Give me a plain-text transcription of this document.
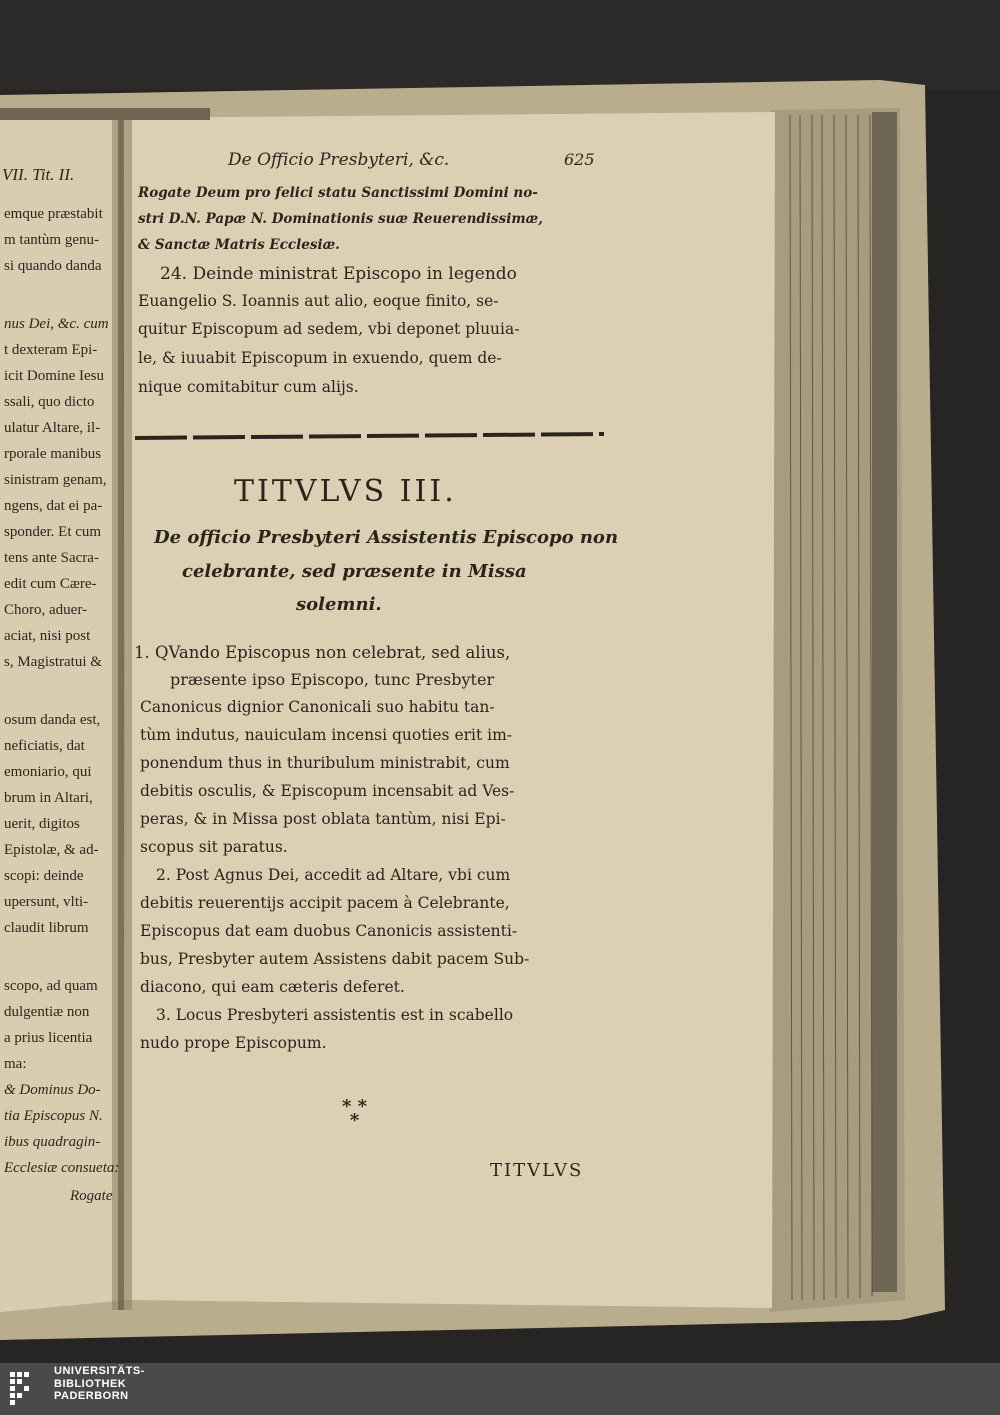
VII. Tit. II.
emque præstabit
m tantùm genu-
si quando danda
nus Dei, &c. cum
t dexteram Epi-
icit Domine Iesu
ssali, quo dicto
ulatur Altare, il-
rporale manibus
sinistram genam,
ngens, dat ei pa-
sponder. Et cum
tens ante Sacra-
edit cum Cære-
Choro, aduer-
aciat, nisi post
s, Magistratui &
osum danda est,
neficiatis, dat
emoniario, qui
brum in Altari,
uerit, digitos
Epistolæ, & ad-
scopi: deinde
upersunt, vlti-
claudit librum
scopo, ad quam
dulgentiæ non
a prius licentia
ma:
& Dominus Do-
tia Episcopus N.
ibus quadragin-
Ecclesiæ consueta:
Rogate
De Officio Presbyteri, &c.	625
Rogate Deum pro felici statu Sanctissimi Domini no-
stri D.N. Papæ N. Dominationis suæ Reuerendissimæ,
& Sanctæ Matris Ecclesiæ.
24. Deinde ministrat Episcopo in legendo
Euangelio S. Ioannis aut alio, eoque finito, se-
quitur Episcopum ad sedem, vbi deponet pluuia-
le, & iuuabit Episcopum in exuendo, quem de-
nique comitabitur cum alijs.
TITVLVS III.
De officio Presbyteri Assistentis Episcopo non
celebrante, sed præsente in Missa
solemni.
1. QVando Episcopus non celebrat, sed alius,
præsente ipso Episcopo, tunc Presbyter
Canonicus dignior Canonicali suo habitu tan-
tùm indutus, nauiculam incensi quoties erit im-
ponendum thus in thuribulum ministrabit, cum
debitis osculis, & Episcopum incensabit ad Ves-
peras, & in Missa post oblata tantùm, nisi Epi-
scopus sit paratus.
2. Post Agnus Dei, accedit ad Altare, vbi cum
debitis reuerentijs accipit pacem à Celebrante,
Episcopus dat eam duobus Canonicis assistenti-
bus, Presbyter autem Assistens dabit pacem Sub-
diacono, qui eam cæteris deferet.
3. Locus Presbyteri assistentis est in scabello
nudo prope Episcopum.
* *
*
TITVLVS
UNIVERSITÄTS-
BIBLIOTHEK
PADERBORN
